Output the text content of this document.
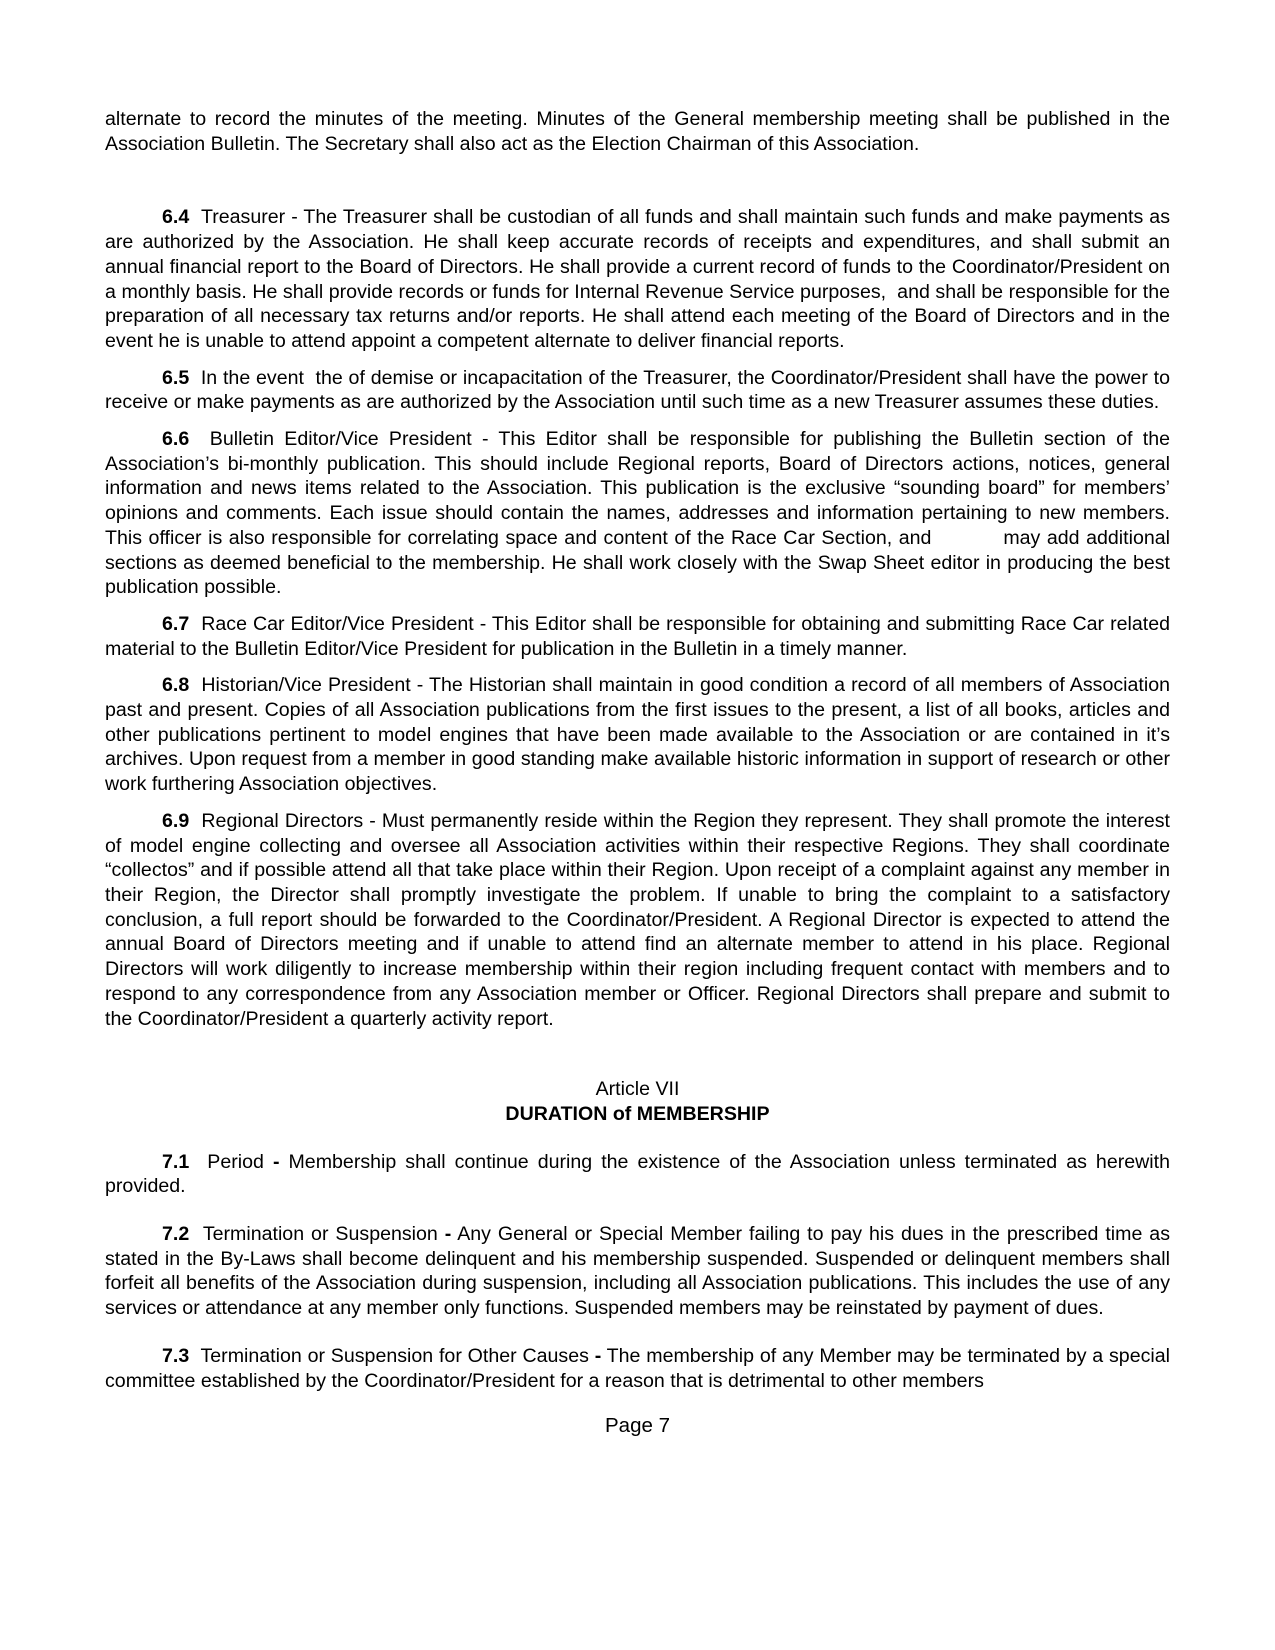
alternate to record the minutes of the meeting. Minutes of the General membership meeting shall be published in the Association Bulletin. The Secretary shall also act as the Election Chairman of this Association.

6.4  Treasurer - The Treasurer shall be custodian of all funds and shall maintain such funds and make payments as are authorized by the Association. He shall keep accurate records of receipts and expenditures, and shall submit an annual financial report to the Board of Directors. He shall provide a current record of funds to the Coordinator/President on a monthly basis. He shall provide records or funds for Internal Revenue Service purposes,  and shall be responsible for the preparation of all necessary tax returns and/or reports. He shall attend each meeting of the Board of Directors and in the event he is unable to attend appoint a competent alternate to deliver financial reports.

6.5  In the event  the of demise or incapacitation of the Treasurer, the Coordinator/President shall have the power to receive or make payments as are authorized by the Association until such time as a new Treasurer assumes these duties.

6.6  Bulletin Editor/Vice President - This Editor shall be responsible for publishing the Bulletin section of the Association’s bi-monthly publication. This should include Regional reports, Board of Directors actions, notices, general information and news items related to the Association. This publication is the exclusive “sounding board” for members’ opinions and comments. Each issue should contain the names, addresses and information pertaining to new members. This officer is also responsible for correlating space and content of the Race Car Section, and     may add additional sections as deemed beneficial to the membership. He shall work closely with the Swap Sheet editor in producing the best publication possible.

6.7  Race Car Editor/Vice President - This Editor shall be responsible for obtaining and submitting Race Car related material to the Bulletin Editor/Vice President for publication in the Bulletin in a timely manner.

6.8  Historian/Vice President - The Historian shall maintain in good condition a record of all members of Association past and present. Copies of all Association publications from the first issues to the present, a list of all books, articles and other publications pertinent to model engines that have been made available to the Association or are contained in it’s archives. Upon request from a member in good standing make available historic information in support of research or other work furthering Association objectives.

6.9  Regional Directors - Must permanently reside within the Region they represent. They shall promote the interest of model engine collecting and oversee all Association activities within their respective Regions. They shall coordinate “collectos” and if possible attend all that take place within their Region. Upon receipt of a complaint against any member in their Region, the Director shall promptly investigate the problem. If unable to bring the complaint to a satisfactory conclusion, a full report should be forwarded to the Coordinator/President. A Regional Director is expected to attend the annual Board of Directors meeting and if unable to attend find an alternate member to attend in his place. Regional Directors will work diligently to increase membership within their region including frequent contact with members and to respond to any correspondence from any Association member or Officer. Regional Directors shall prepare and submit to the Coordinator/President a quarterly activity report.

Article VII
DURATION of MEMBERSHIP

7.1  Period - Membership shall continue during the existence of the Association unless terminated as herewith provided.

7.2  Termination or Suspension - Any General or Special Member failing to pay his dues in the prescribed time as stated in the By-Laws shall become delinquent and his membership suspended. Suspended or delinquent members shall forfeit all benefits of the Association during suspension, including all Association publications. This includes the use of any services or attendance at any member only functions. Suspended members may be reinstated by payment of dues.

7.3  Termination or Suspension for Other Causes - The membership of any Member may be terminated by a special committee established by the Coordinator/President for a reason that is detrimental to other members

Page 7
